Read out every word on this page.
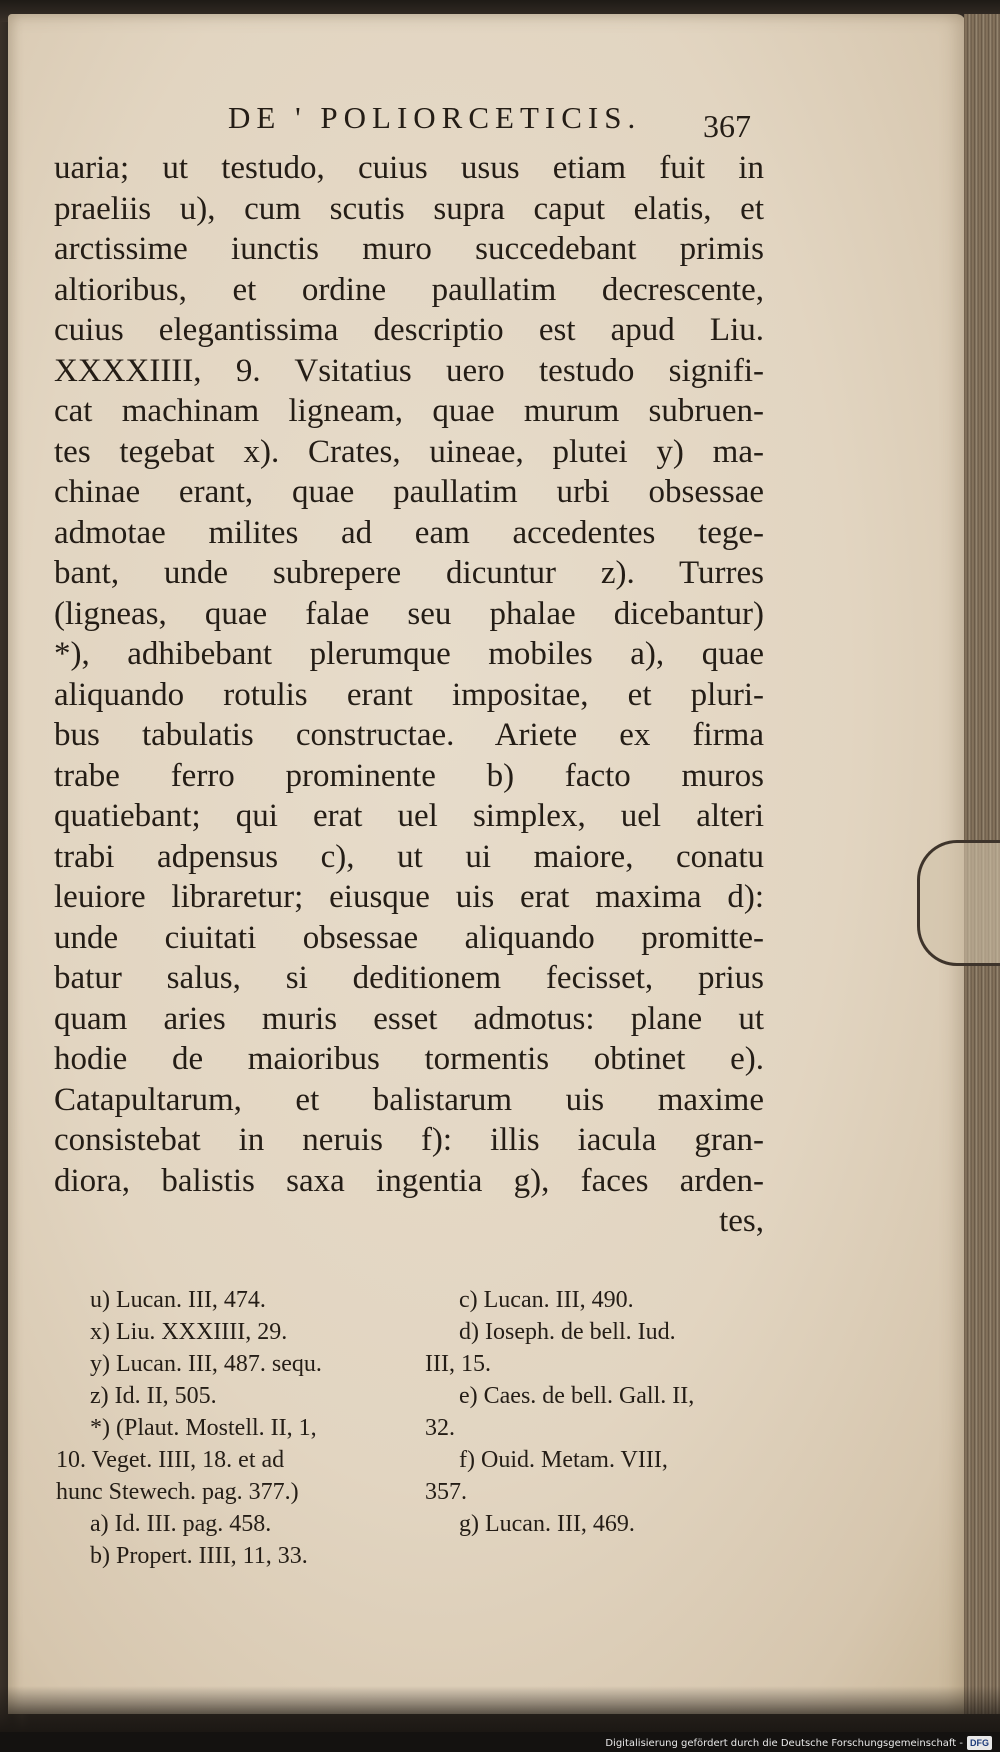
DE ' POLIORCETICIS. 367
uaria; ut testudo, cuius usus etiam fuit in
praeliis u), cum scutis supra caput elatis, et
arctissime iunctis muro succedebant primis
altioribus, et ordine paullatim decrescente,
cuius elegantissima descriptio est apud Liu.
XXXXIIII, 9. Vsitatius uero testudo signifi-
cat machinam ligneam, quae murum subruen-
tes tegebat x). Crates, uineae, plutei y) ma-
chinae erant, quae paullatim urbi obsessae
admotae milites ad eam accedentes tege-
bant, unde subrepere dicuntur z). Turres
(ligneas, quae falae seu phalae dicebantur)
*), adhibebant plerumque mobiles a), quae
aliquando rotulis erant impositae, et pluri-
bus tabulatis constructae. Ariete ex firma
trabe ferro prominente b) facto muros
quatiebant; qui erat uel simplex, uel alteri
trabi adpensus c), ut ui maiore, conatu
leuiore libraretur; eiusque uis erat maxima d):
unde ciuitati obsessae aliquando promitte-
batur salus, si deditionem fecisset, prius
quam aries muris esset admotus: plane ut
hodie de maioribus tormentis obtinet e).
Catapultarum, et balistarum uis maxime
consistebat in neruis f): illis iacula gran-
diora, balistis saxa ingentia g), faces arden-
tes,
u) Lucan. III, 474.
x) Liu. XXXIIII, 29.
y) Lucan. III, 487. sequ.
z) Id. II, 505.
*) (Plaut. Mostell. II, 1,
10. Veget. IIII, 18. et ad
hunc Stewech. pag. 377.)
a) Id. III. pag. 458.
b) Propert. IIII, 11, 33.
c) Lucan. III, 490.
d) Ioseph. de bell. Iud.
III, 15.
e) Caes. de bell. Gall. II,
32.
f) Ouid. Metam. VIII,
357.
g) Lucan. III, 469.
Digitalisierung gefördert durch die Deutsche Forschungsgemeinschaft - DFG
